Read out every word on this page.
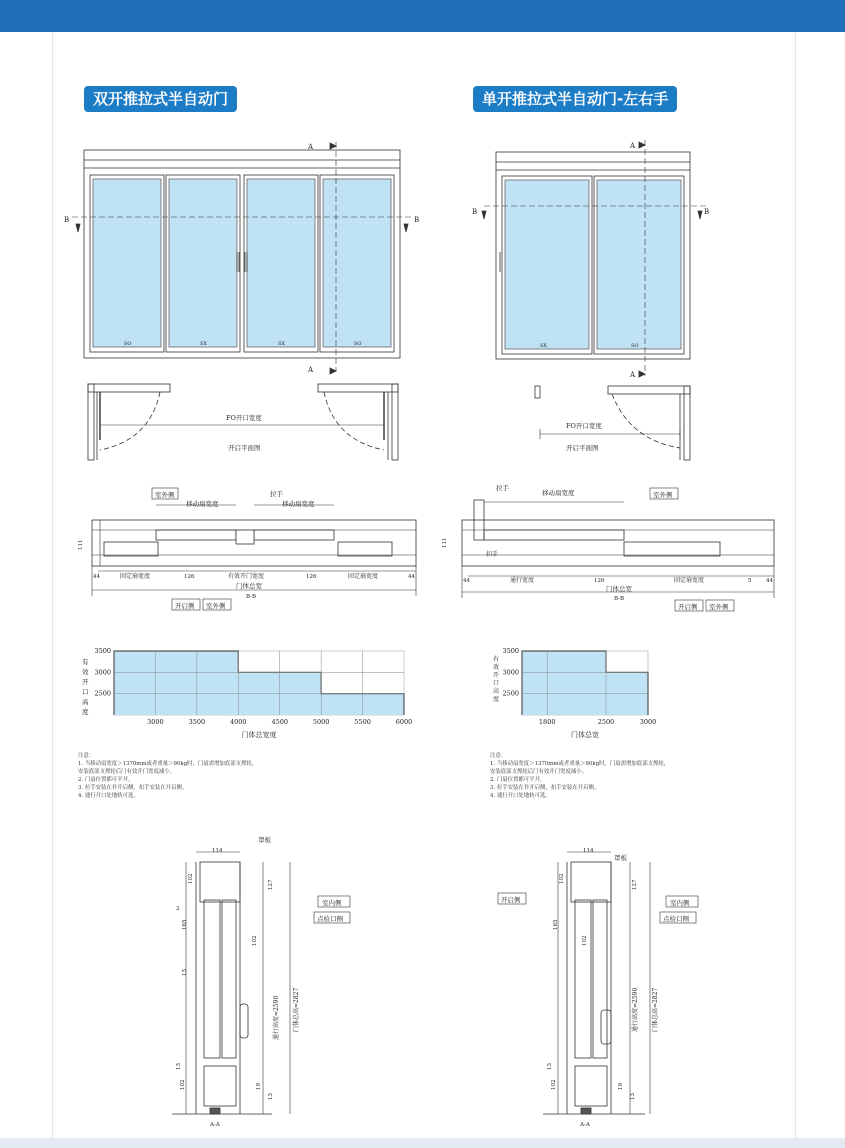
双开推拉式半自动门	单开推拉式半自动门-左右手
3000	3500	4000	4500	5000	5500	6000
2500
3000
3500
门体总宽度
1800	2500	3000
2500
3000
3500
门体总宽
A
A
B	B
SO	SX	SX	SO
A
A
B	B
SX	SO
FO开口宽度
开启平面图
FO开口宽度
开启平面图
拉手
移动扇宽度	移动扇宽度
111
44	固定扇宽度	126	有效开门宽度	126	固定扇宽度	44
门体总宽
B-B
拉手
移动扇宽度
111
扣手
44	通行宽度	126	固定扇宽度	5	44
门体总宽
B-B
114
罩板
102
127
2
165
102
13
通行高度=2590 门体总高=2827
13
102	19
13
A-A
114
罩板
102
127
165
102
通行高度=2590 门体总高=2827
13
102	19
13
A-A
有
效
开
口
高
度
有
效
开
口
高
度
室外侧
开启侧 室外侧
室外侧
开启侧 室外侧
室内侧
点检口侧
开启侧	室内侧
点检口侧
注意：
1. 当移动扇宽度＞1370mm或者重量＞90kg时，门扇需增加底部支撑轮，
安装底部支撑轮后门有效开门宽度减小。
2. 门扇位置都可平开。
3. 拉手安装在非开启侧，扣手安装在开启侧。
4. 通行开口处地轨可选。
注意：
1. 当移动扇宽度＞1370mm或者重量＞90kg时，门扇需增加底部支撑轮，
安装底部支撑轮后门有效开门宽度减小。
2. 门扇位置都可平开。
3. 拉手安装在非开启侧，扣手安装在开启侧。
4. 通行开口处地轨可选。
